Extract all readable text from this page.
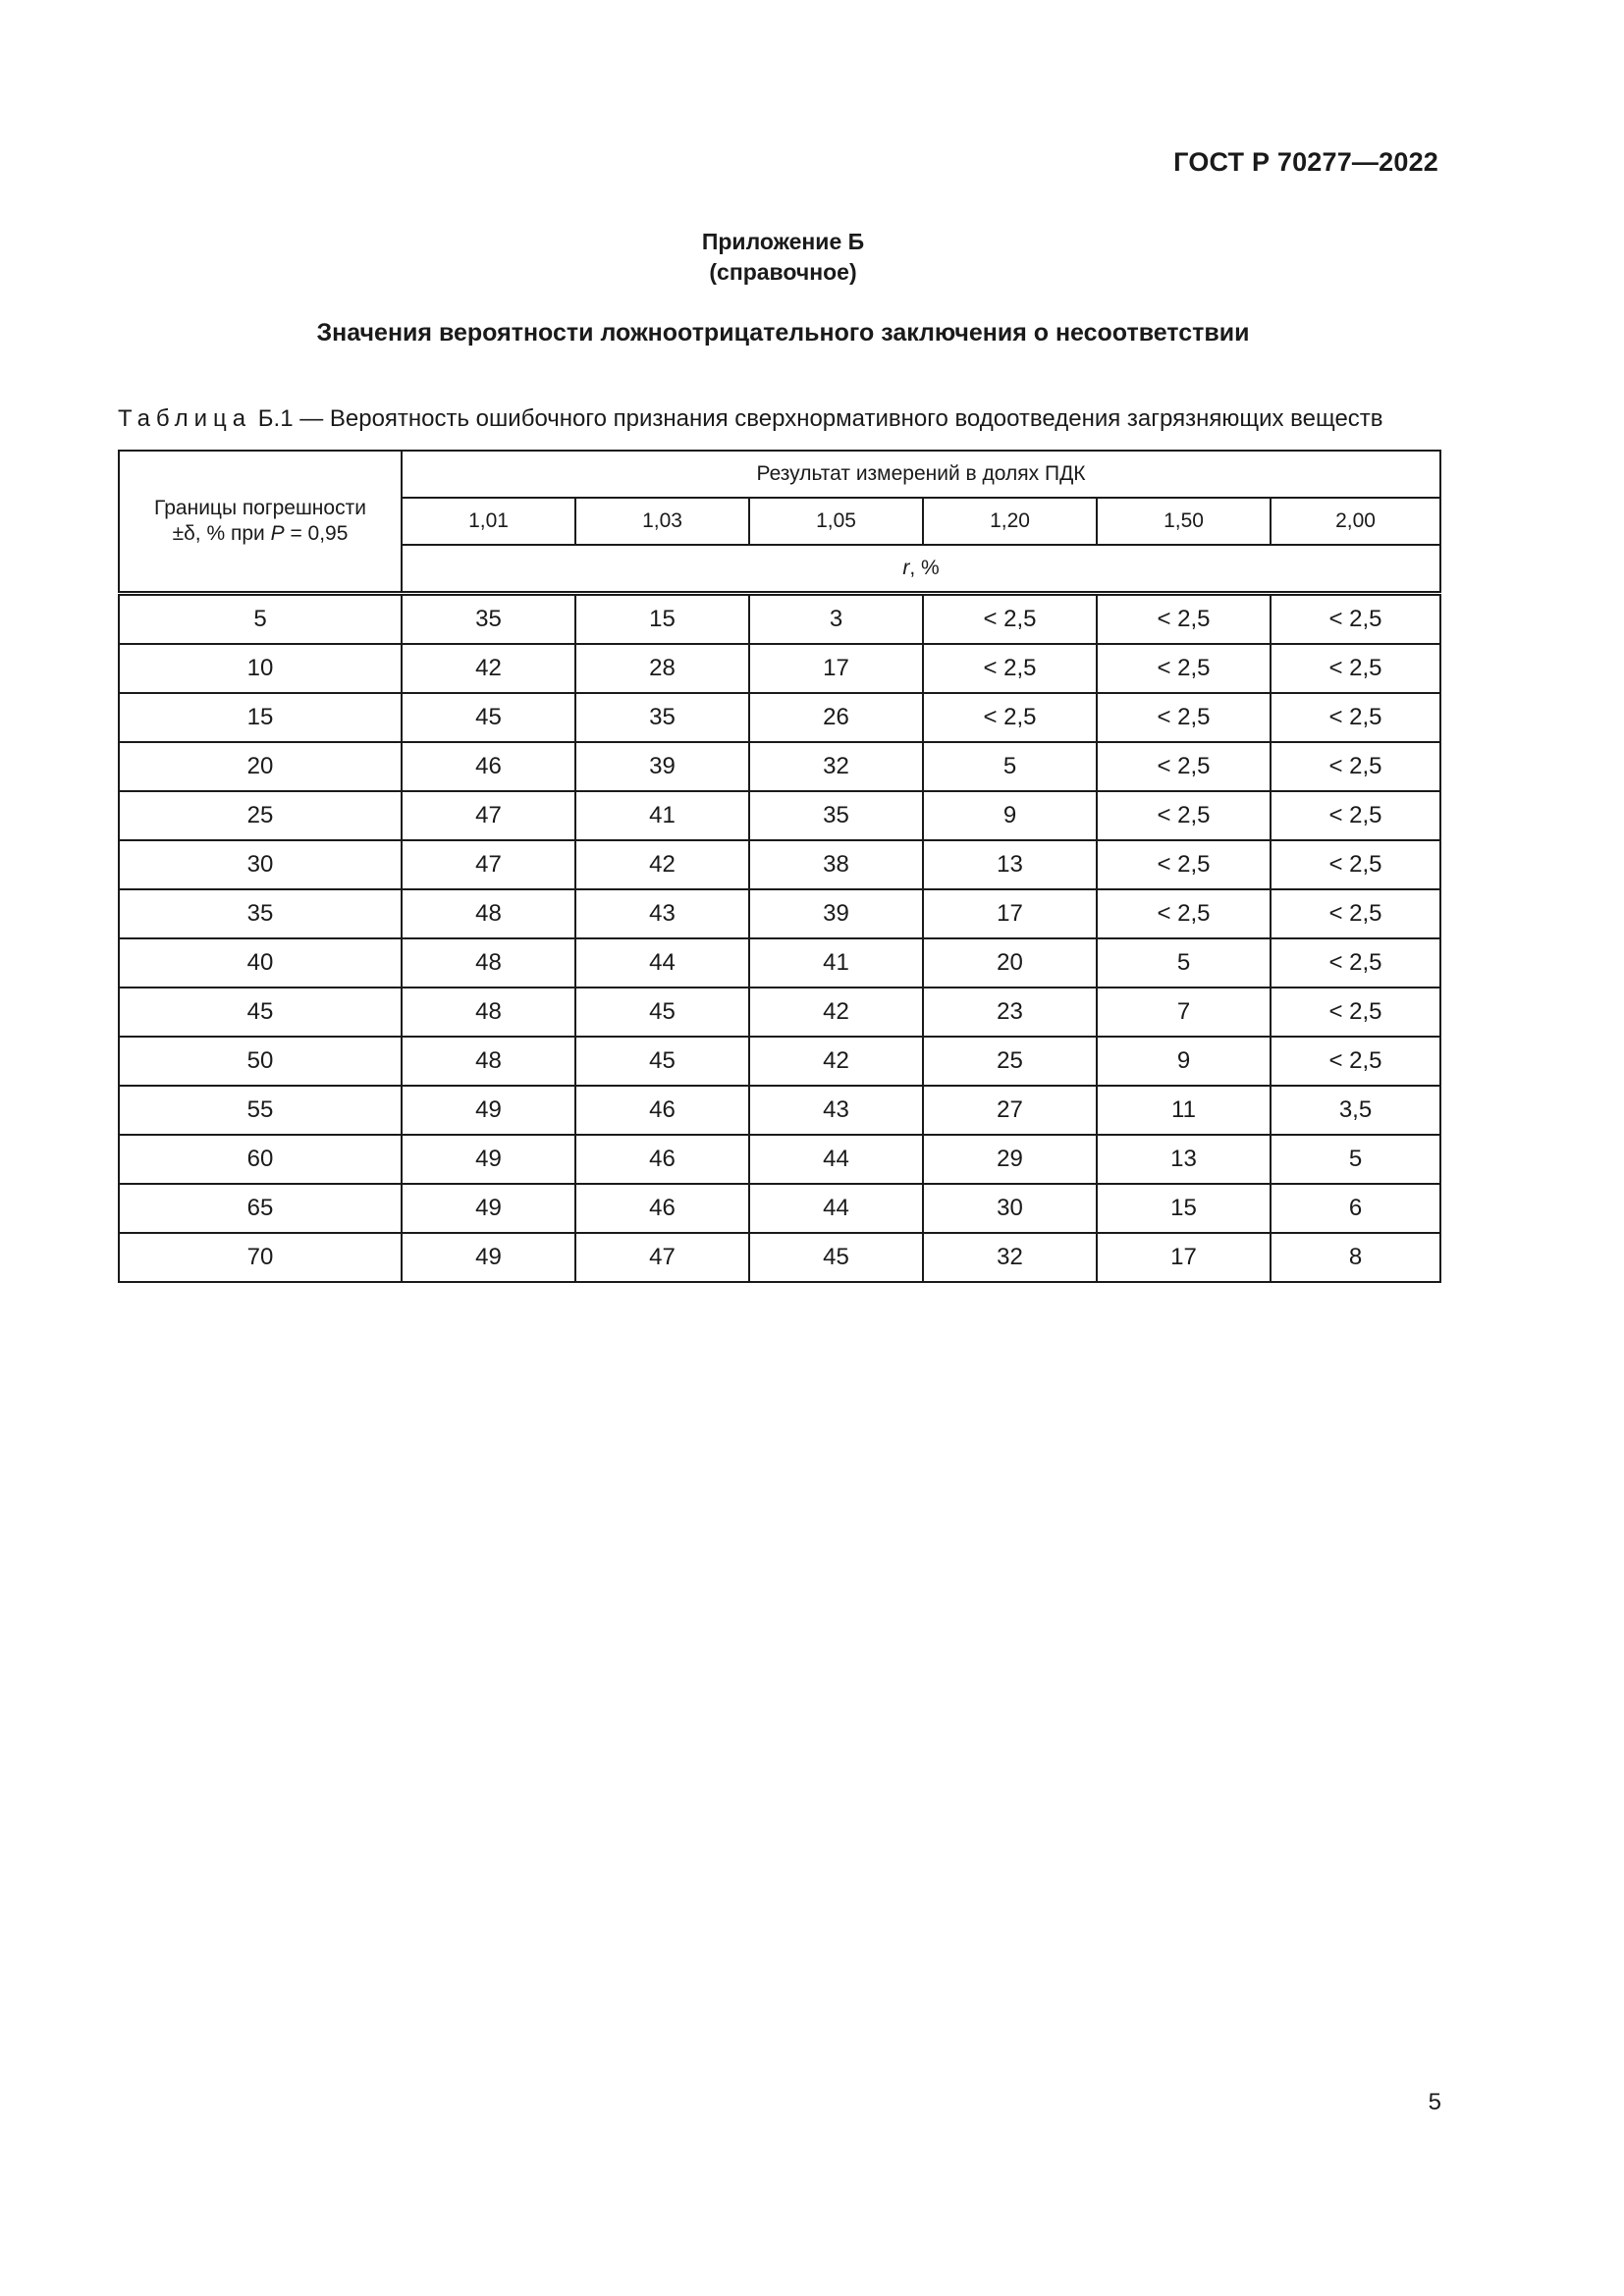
ГОСТ Р 70277—2022
Приложение Б
(справочное)
Значения вероятности ложноотрицательного заключения о несоответствии
Таблица Б.1 — Вероятность ошибочного признания сверхнормативного водоотведения загрязняющих веществ
Границы погрешности
±δ, % при P = 0,95	Результат измерений в долях ПДК					
	1,01	1,03	1,05	1,20	1,50	2,00
	r, %					
5	35	15	3	< 2,5	< 2,5	< 2,5
10	42	28	17	< 2,5	< 2,5	< 2,5
15	45	35	26	< 2,5	< 2,5	< 2,5
20	46	39	32	5	< 2,5	< 2,5
25	47	41	35	9	< 2,5	< 2,5
30	47	42	38	13	< 2,5	< 2,5
35	48	43	39	17	< 2,5	< 2,5
40	48	44	41	20	5	< 2,5
45	48	45	42	23	7	< 2,5
50	48	45	42	25	9	< 2,5
55	49	46	43	27	11	3,5
60	49	46	44	29	13	5
65	49	46	44	30	15	6
70	49	47	45	32	17	8
5
